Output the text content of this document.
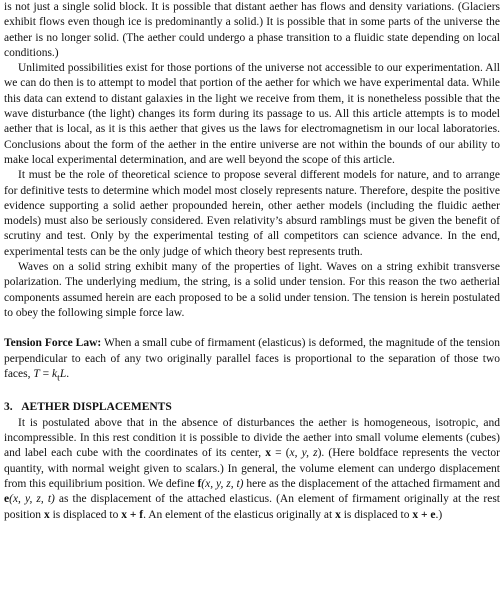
is not just a single solid block. It is possible that distant aether has flows and density variations. (Glaciers exhibit flows even though ice is predominantly a solid.) It is possible that in some parts of the universe the aether is no longer solid. (The aether could undergo a phase transition to a fluidic state depending on local conditions.)

Unlimited possibilities exist for those portions of the universe not accessible to our experimentation. All we can do then is to attempt to model that portion of the aether for which we have experimental data. While this data can extend to distant galaxies in the light we receive from them, it is nonetheless possible that the wave disturbance (the light) changes its form during its passage to us. All this article attempts is to model aether that is local, as it is this aether that gives us the laws for electromagnetism in our local laboratories. Conclusions about the form of the aether in the entire universe are not within the bounds of our ability to make local experimental determination, and are well beyond the scope of this article.

It must be the role of theoretical science to propose several different models for nature, and to arrange for definitive tests to determine which model most closely represents nature. Therefore, despite the positive evidence supporting a solid aether propounded herein, other aether models (including the fluidic aether models) must also be seriously considered. Even relativity’s absurd ramblings must be given the benefit of scrutiny and test. Only by the experimental testing of all competitors can science advance. In the end, experimental tests can be the only judge of which theory best represents truth.

Waves on a solid string exhibit many of the properties of light. Waves on a string exhibit transverse polarization. The underlying medium, the string, is a solid under tension. For this reason the two aetherial components assumed herein are each proposed to be a solid under tension. The tension is herein postulated to obey the following simple force law.

Tension Force Law: When a small cube of firmament (elasticus) is deformed, the magnitude of the tension perpendicular to each of any two originally parallel faces is proportional to the separation of those two faces, $T = k_tL$.

3.   AETHER DISPLACEMENTS

It is postulated above that in the absence of disturbances the aether is homogeneous, isotropic, and incompressible. In this rest condition it is possible to divide the aether into small volume elements (cubes) and label each cube with the coordinates of its center, x = (x, y, z). (Here boldface represents the vector quantity, with normal weight given to scalars.) In general, the volume element can undergo displacement from this equilibrium position. We define f(x, y, z, t) here as the displacement of the attached firmament and e(x, y, z, t) as the displacement of the attached elasticus. (An element of firmament originally at the rest position x is displaced to x + f. An element of the elasticus originally at x is displaced to x + e.)
